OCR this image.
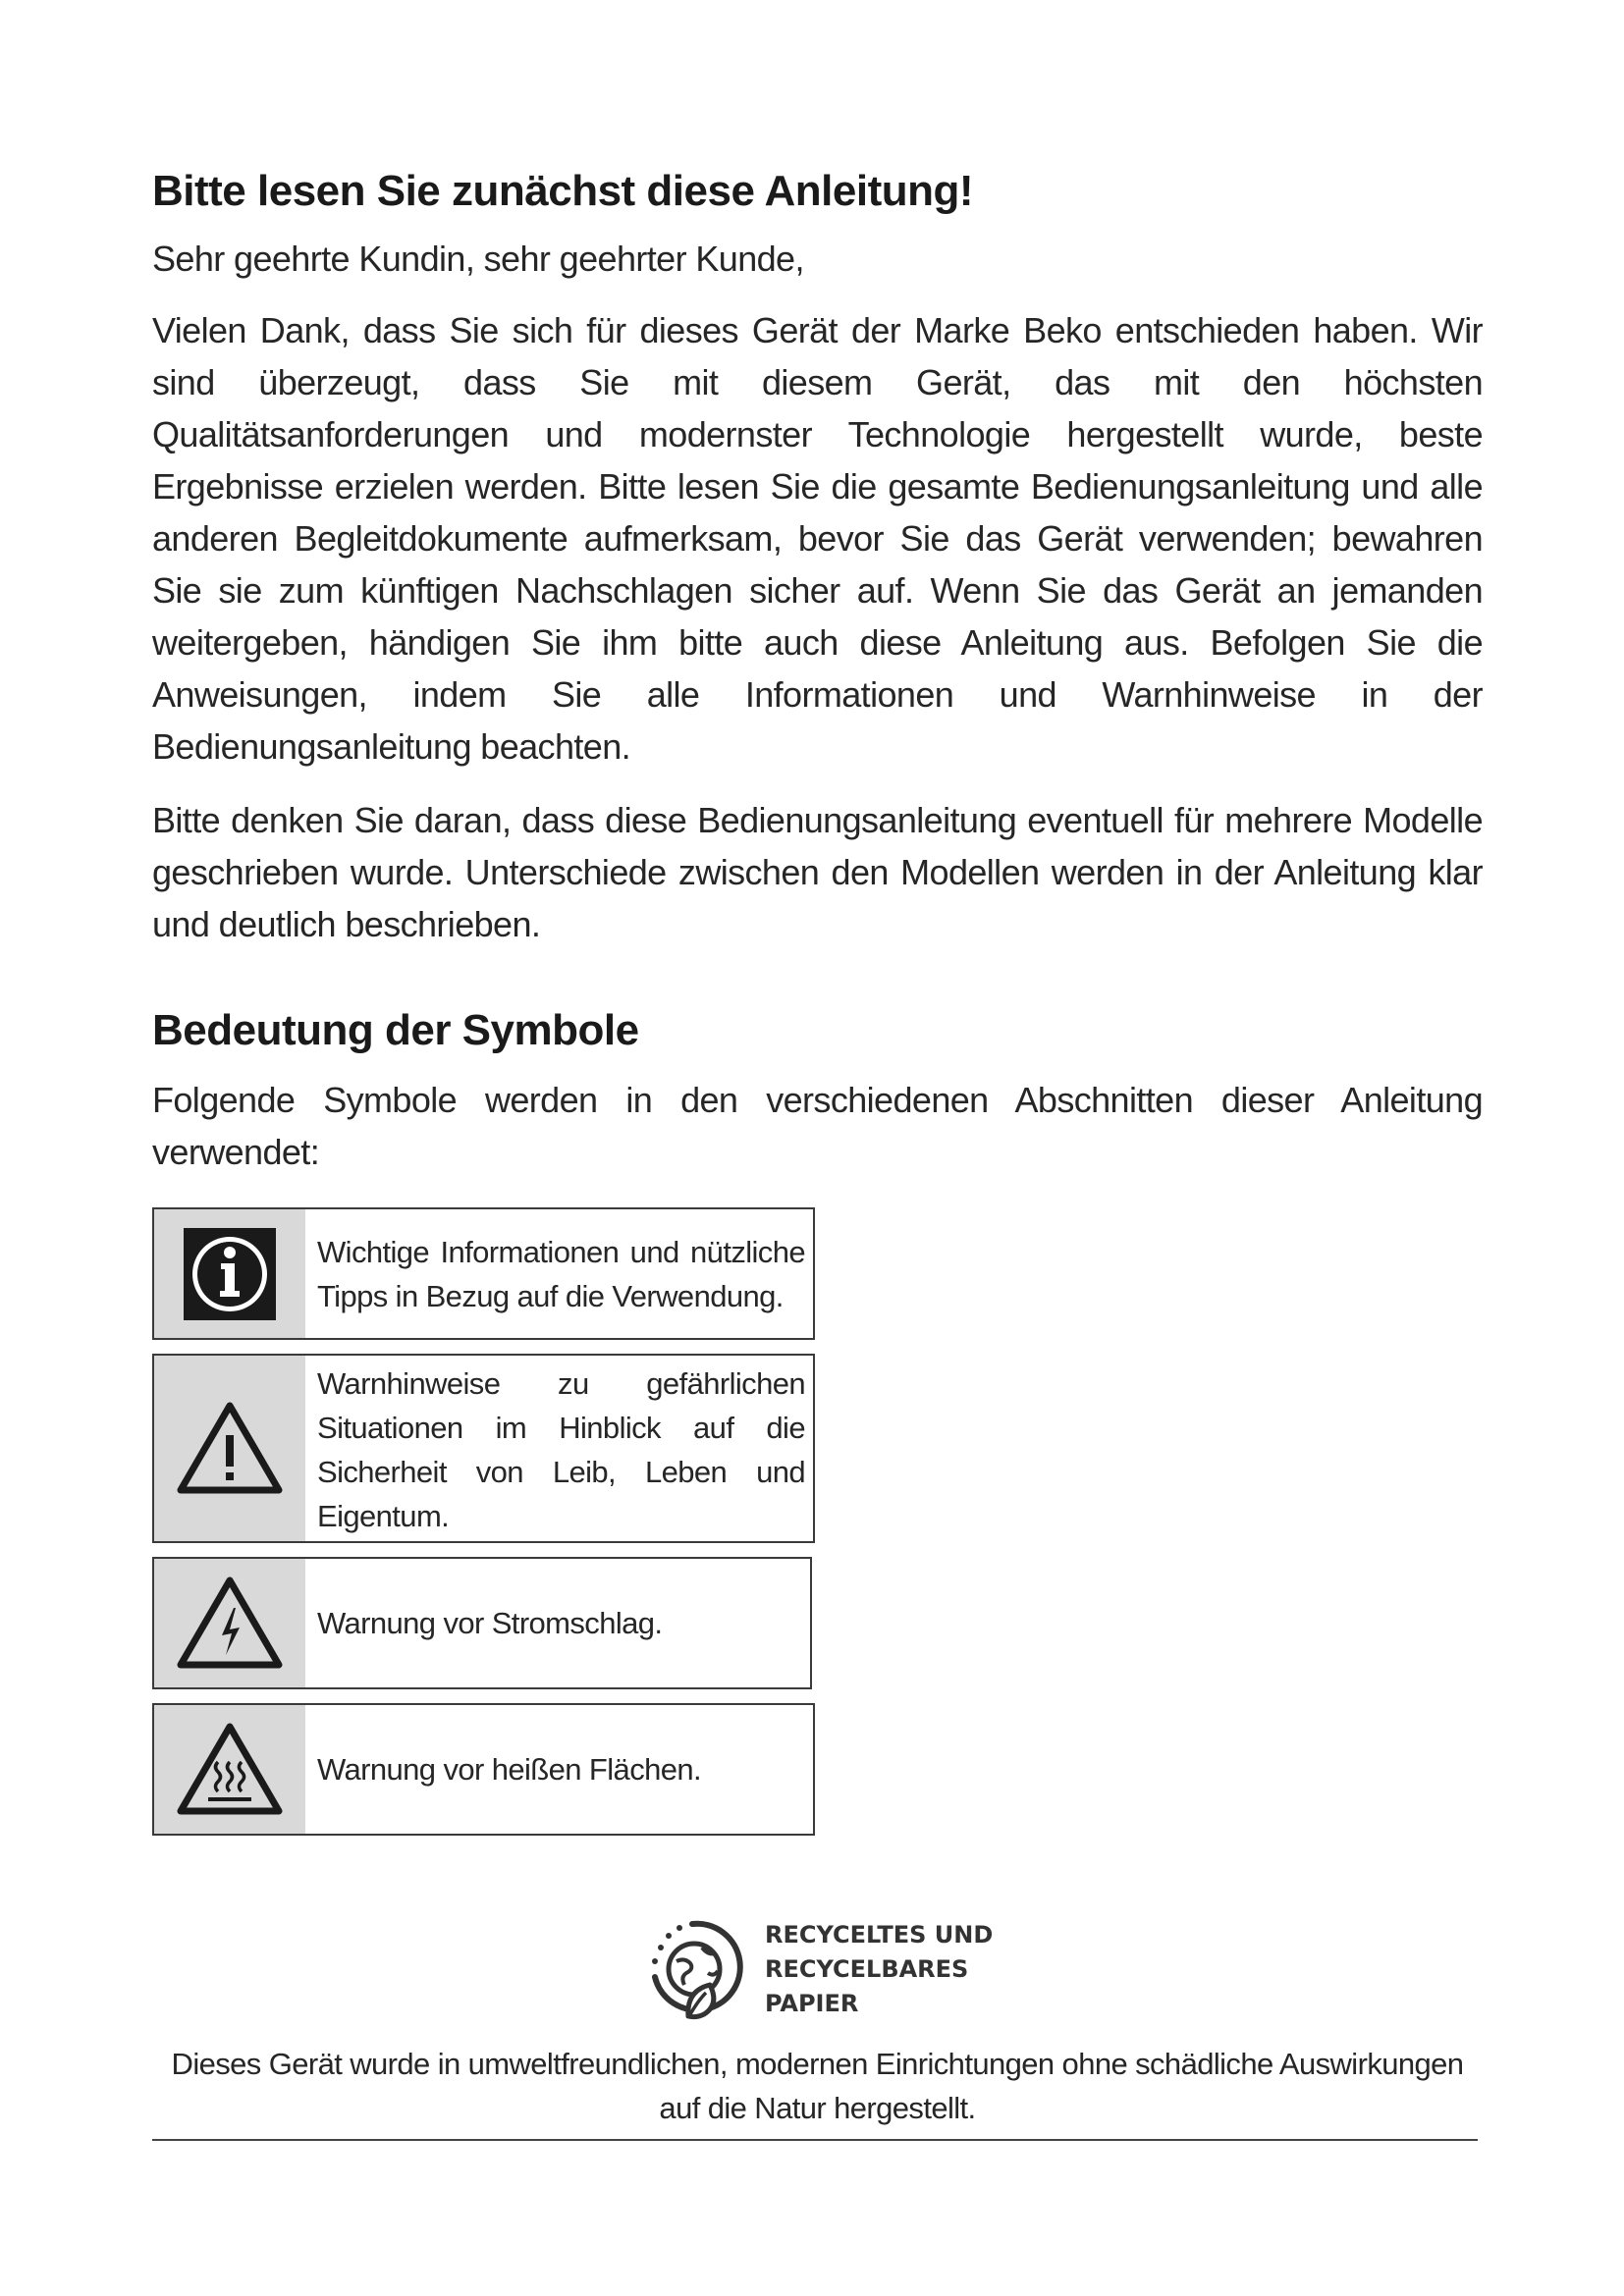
Bitte lesen Sie zunächst diese Anleitung!

Sehr geehrte Kundin, sehr geehrter Kunde,

Vielen Dank, dass Sie sich für dieses Gerät der Marke Beko entschieden haben. Wir sind überzeugt, dass Sie mit diesem Gerät, das mit den höchsten Qualitätsanforderungen und modernster Technologie hergestellt wurde, beste Ergebnisse erzielen werden. Bitte lesen Sie die gesamte Bedienungsanleitung und alle anderen Begleitdokumente aufmerksam, bevor Sie das Gerät verwenden; bewahren Sie sie zum künftigen Nachschlagen sicher auf. Wenn Sie das Gerät an jemanden weitergeben, händigen Sie ihm bitte auch diese Anleitung aus. Befolgen Sie die Anweisungen, indem Sie alle Informationen und Warnhinweise in der Bedienungsanleitung beachten.

Bitte denken Sie daran, dass diese Bedienungsanleitung eventuell für mehrere Modelle geschrieben wurde. Unterschiede zwischen den Modellen werden in der Anleitung klar und deutlich beschrieben.

Bedeutung der Symbole

Folgende Symbole werden in den verschiedenen Abschnitten dieser Anleitung verwendet:

Wichtige Informationen und nützliche Tipps in Bezug auf die Verwendung.
Warnhinweise zu gefährlichen Situationen im Hinblick auf die Sicherheit von Leib, Leben und Eigentum.
Warnung vor Stromschlag.
Warnung vor heißen Flächen.
RECYCELTES UND
RECYCELBARES
PAPIER
Dieses Gerät wurde in umweltfreundlichen, modernen Einrichtungen ohne schädliche Auswirkungen auf die Natur hergestellt.
